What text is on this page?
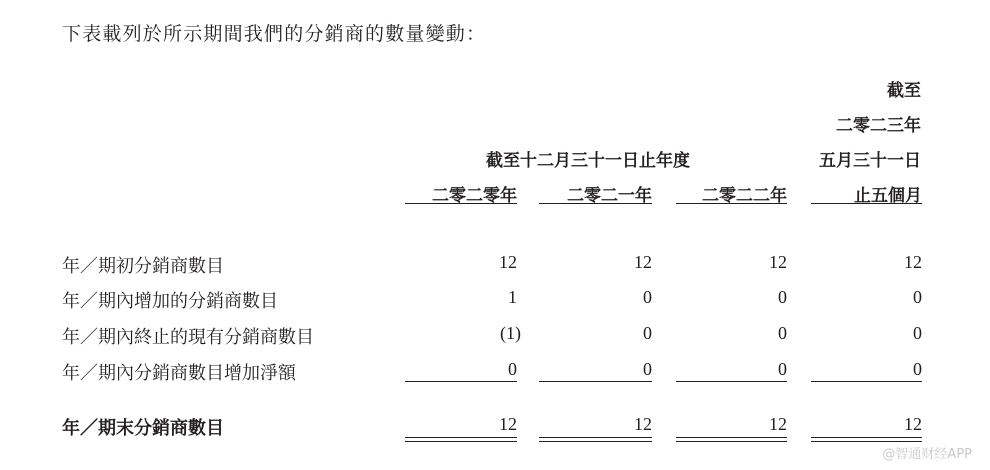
下表載列於所示期間我們的分銷商的數量變動：
截至
二零二三年
截至十二月三十一日止年度	五月三十一日
二零二零年	二零二一年	二零二二年	止五個月
年／期初分銷商數目	12	12	12	12
年／期內增加的分銷商數目	1	0	0	0
年／期內終止的現有分銷商數目	(1)	0	0	0
年／期內分銷商數目增加淨額	0	0	0	0
年／期末分銷商數目	12	12	12	12
@智通财经APP
